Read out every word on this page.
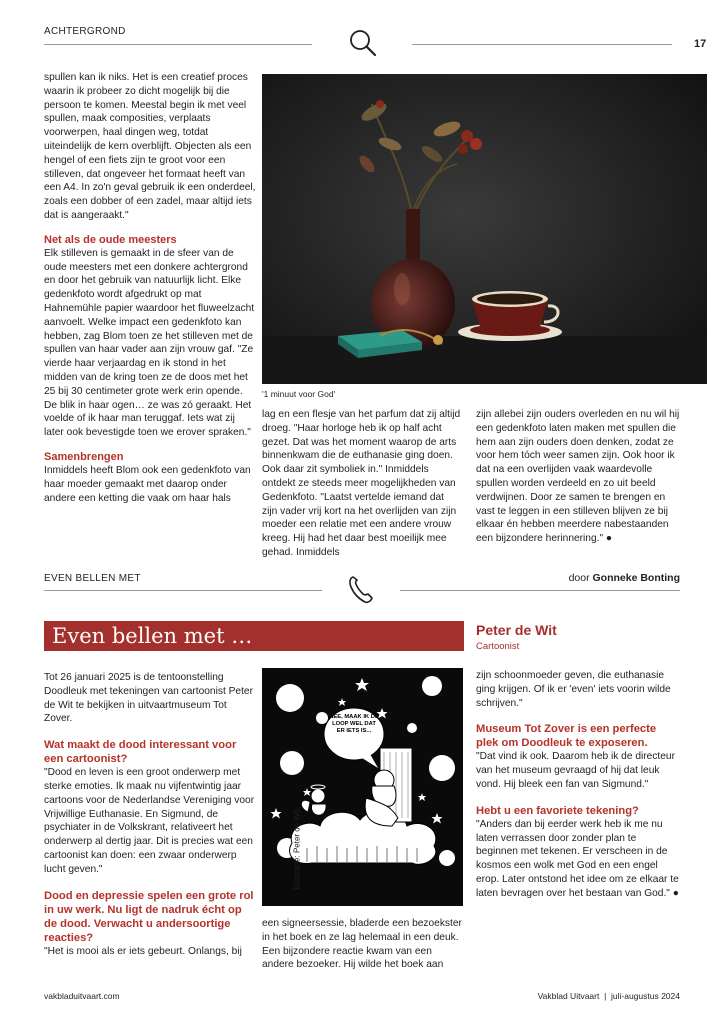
ACHTERGROND
17

spullen kan ik niks. Het is een creatief proces waarin ik probeer zo dicht mogelijk bij die persoon te komen. Meestal begin ik met veel spullen, maak composities, verplaats voorwerpen, haal dingen weg, totdat uiteindelijk de kern overblijft. Objecten als een hengel of een fiets zijn te groot voor een stilleven, dat ongeveer het formaat heeft van een A4. In zo'n geval gebruik ik een onderdeel, zoals een dobber of een zadel, maar altijd iets dat is aangeraakt."

Net als de oude meesters

Elk stilleven is gemaakt in de sfeer van de oude meesters met een donkere achtergrond en door het gebruik van natuurlijk licht. Elke gedenkfoto wordt afgedrukt op mat Hahnemühle papier waardoor het fluweelzacht aanvoelt. Welke impact een gedenkfoto kan hebben, zag Blom toen ze het stilleven met de spullen van haar vader aan zijn vrouw gaf. "Ze vierde haar verjaardag en ik stond in het midden van de kring toen ze de doos met het 25 bij 30 centimeter grote werk erin opende. De blik in haar ogen… ze was zó geraakt. Het voelde of ik haar man teruggaf. Iets wat zij later ook bevestigde toen we erover spraken."

Samenbrengen

Inmiddels heeft Blom ook een gedenkfoto van haar moeder gemaakt met daarop onder andere een ketting die vaak om haar hals

'1 minuut voor God'

lag en een flesje van het parfum dat zij altijd droeg. "Haar horloge heb ik op half acht gezet. Dat was het moment waarop de arts binnenkwam die de euthanasie ging doen. Ook daar zit symboliek in." Inmiddels ontdekt ze steeds meer mogelijkheden van Gedenkfoto. "Laatst vertelde iemand dat zijn vader vrij kort na het overlijden van zijn moeder een relatie met een andere vrouw kreeg. Hij had het daar best moeilijk mee gehad. Inmiddels

zijn allebei zijn ouders overleden en nu wil hij een gedenkfoto laten maken met spullen die hem aan zijn ouders doen denken, zodat ze voor hem tóch weer samen zijn. Ook hoor ik dat na een overlijden vaak waardevolle spullen worden verdeeld en zo uit beeld verdwijnen. Door ze samen te brengen en vast te leggen in een stilleven blijven ze bij elkaar én hebben meerdere nabestaanden een bijzondere herinnering." ●

EVEN BELLEN MET	door Gonneke Bonting
Even bellen met …	Peter de Wit
Cartoonist

Tot 26 januari 2025 is de tentoonstelling Doodleuk met tekeningen van cartoonist Peter de Wit te bekijken in uitvaartmuseum Tot Zover.

Wat maakt de dood interessant voor een cartoonist?

"Dood en leven is een groot onderwerp met sterke emoties. Ik maak nu vijfentwintig jaar cartoons voor de Nederlandse Vereniging voor Vrijwillige Euthanasie. En Sigmund, de psychiater in de Volkskrant, relativeert het onderwerp al dertig jaar. Dit is precies wat een cartoonist kan doen: een zwaar onderwerp lucht geven."

Dood en depressie spelen een grote rol in uw werk. Nu ligt de nadruk écht op de dood. Verwacht u andersoortige reacties?

"Het is mooi als er iets gebeurt. Onlangs, bij

NEE, MAAK IK DE LOOP WEL DAT ER IETS IS...
Illustratie: Peter de Wit

een signeersessie, bladerde een bezoekster in het boek en ze lag helemaal in een deuk. Een bijzondere reactie kwam van een andere bezoeker. Hij wilde het boek aan

zijn schoonmoeder geven, die euthanasie ging krijgen. Of ik er 'even' iets voorin wilde schrijven."

Museum Tot Zover is een perfecte plek om Doodleuk te exposeren.

"Dat vind ik ook. Daarom heb ik de directeur van het museum gevraagd of hij dat leuk vond. Hij bleek een fan van Sigmund."

Hebt u een favoriete tekening?

"Anders dan bij eerder werk heb ik me nu laten verrassen door zonder plan te beginnen met tekenen. Er verscheen in de kosmos een wolk met God en een engel erop. Later ontstond het idee om ze elkaar te laten bevragen over het bestaan van God." ●

vakbladuitvaart.com	Vakblad Uitvaart  |  juli-augustus 2024
